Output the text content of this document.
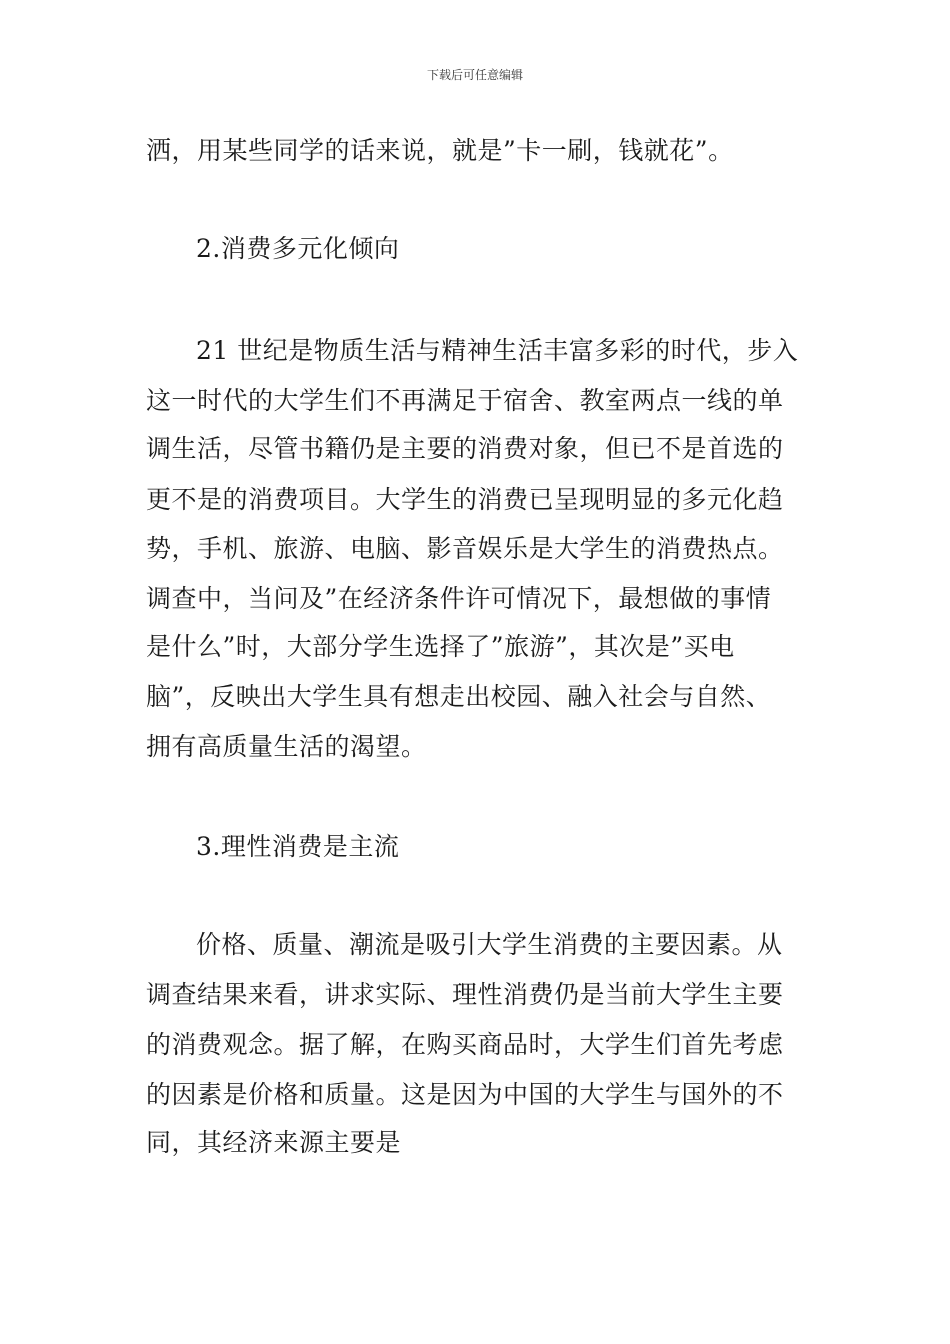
下载后可任意编辑
洒，用某些同学的话来说，就是”卡一刷，钱就花”。
2.消费多元化倾向
21 世纪是物质生活与精神生活丰富多彩的时代，步入
这一时代的大学生们不再满足于宿舍、教室两点一线的单
调生活，尽管书籍仍是主要的消费对象，但已不是首选的
更不是的消费项目。大学生的消费已呈现明显的多元化趋
势，手机、旅游、电脑、影音娱乐是大学生的消费热点。
调查中，当问及”在经济条件许可情况下，最想做的事情
是什么”时，大部分学生选择了”旅游”，其次是”买电
脑”，反映出大学生具有想走出校园、融入社会与自然、
拥有高质量生活的渴望。
3.理性消费是主流
价格、质量、潮流是吸引大学生消费的主要因素。从
调查结果来看，讲求实际、理性消费仍是当前大学生主要
的消费观念。据了解，在购买商品时，大学生们首先考虑
的因素是价格和质量。这是因为中国的大学生与国外的不
同，其经济来源主要是
